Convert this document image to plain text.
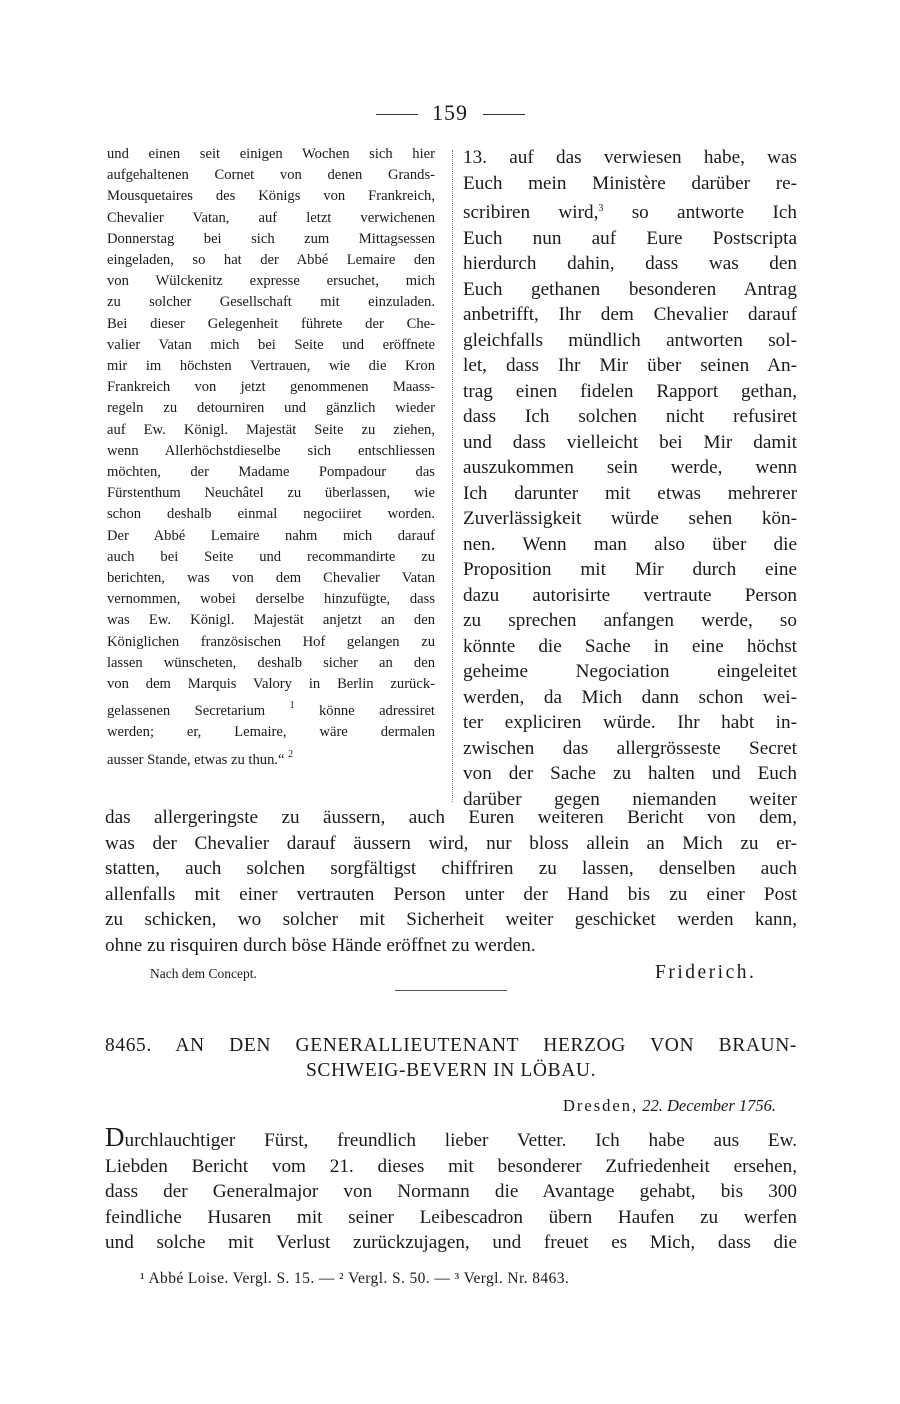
159
und einen seit einigen Wochen sich hier
aufgehaltenen Cornet von denen Grands-
Mousquetaires des Königs von Frankreich,
Chevalier Vatan, auf letzt verwichenen
Donnerstag bei sich zum Mittagsessen
eingeladen, so hat der Abbé Lemaire den
von Wülckenitz expresse ersuchet, mich
zu solcher Gesellschaft mit einzuladen.
Bei dieser Gelegenheit führete der Che-
valier Vatan mich bei Seite und eröffnete
mir im höchsten Vertrauen, wie die Kron
Frankreich von jetzt genommenen Maass-
regeln zu detourniren und gänzlich wieder
auf Ew. Königl. Majestät Seite zu ziehen,
wenn Allerhöchstdieselbe sich entschliessen
möchten, der Madame Pompadour das
Fürstenthum Neuchâtel zu überlassen, wie
schon deshalb einmal negociiret worden.
Der Abbé Lemaire nahm mich darauf
auch bei Seite und recommandirte zu
berichten, was von dem Chevalier Vatan
vernommen, wobei derselbe hinzufügte, dass
was Ew. Königl. Majestät anjetzt an den
Königlichen französischen Hof gelangen zu
lassen wünscheten, deshalb sicher an den
von dem Marquis Valory in Berlin zurück-
gelassenen Secretarium $^1$ könne adressiret
werden; er, Lemaire, wäre dermalen
ausser Stande, etwas zu thun.“ $^2$
13. auf das verwiesen habe, was
Euch mein Ministère darüber re-
scribiren wird,$^3$ so antworte Ich
Euch nun auf Eure Postscripta
hierdurch dahin, dass was den
Euch gethanen besonderen Antrag
anbetrifft, Ihr dem Chevalier darauf
gleichfalls mündlich antworten sol-
let, dass Ihr Mir über seinen An-
trag einen fidelen Rapport gethan,
dass Ich solchen nicht refusiret
und dass vielleicht bei Mir damit
auszukommen sein werde, wenn
Ich darunter mit etwas mehrerer
Zuverlässigkeit würde sehen kön-
nen. Wenn man also über die
Proposition mit Mir durch eine
dazu autorisirte vertraute Person
zu sprechen anfangen werde, so
könnte die Sache in eine höchst
geheime Negociation eingeleitet
werden, da Mich dann schon wei-
ter expliciren würde. Ihr habt in-
zwischen das allergrösseste Secret
von der Sache zu halten und Euch
darüber gegen niemanden weiter
das allergeringste zu äussern, auch Euren weiteren Bericht von dem,
was der Chevalier darauf äussern wird, nur bloss allein an Mich zu er-
statten, auch solchen sorgfältigst chiffriren zu lassen, denselben auch
allenfalls mit einer vertrauten Person unter der Hand bis zu einer Post
zu schicken, wo solcher mit Sicherheit weiter geschicket werden kann,
ohne zu risquiren durch böse Hände eröffnet zu werden.
Nach dem Concept.	Friderich.
8465. AN DEN GENERALLIEUTENANT HERZOG VON BRAUN-
SCHWEIG-BEVERN IN LÖBAU.
Dresden, 22. December 1756.
Durchlauchtiger Fürst, freundlich lieber Vetter. Ich habe aus Ew.
Liebden Bericht vom 21. dieses mit besonderer Zufriedenheit ersehen,
dass der Generalmajor von Normann die Avantage gehabt, bis 300
feindliche Husaren mit seiner Leibescadron übern Haufen zu werfen
und solche mit Verlust zurückzujagen, und freuet es Mich, dass die
¹ Abbé Loise. Vergl. S. 15. — ² Vergl. S. 50. — ³ Vergl. Nr. 8463.
